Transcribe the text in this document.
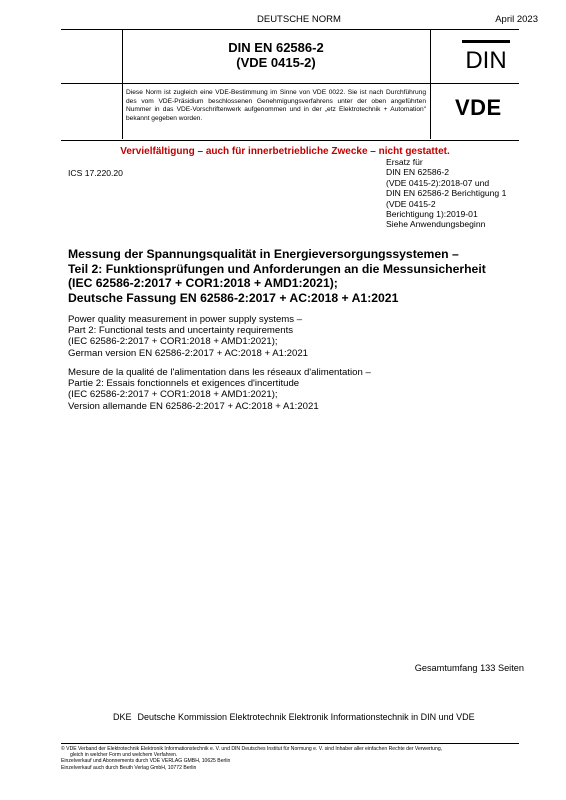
DEUTSCHE NORM	April 2023
DIN EN 62586-2
(VDE 0415-2)	DIN
Diese Norm ist zugleich eine VDE-Bestimmung im Sinne von VDE 0022. Sie ist nach Durchführung des vom VDE-Präsidium beschlossenen Genehmigungsverfahrens unter der oben angeführten Nummer in das VDE-Vorschriftenwerk aufgenommen und in der „etz Elektrotechnik + Automation" bekannt gegeben worden.	VDE
Vervielfältigung – auch für innerbetriebliche Zwecke – nicht gestattet.
ICS 17.220.20
Ersatz für
DIN EN 62586-2
(VDE 0415-2):2018-07 und
DIN EN 62586-2 Berichtigung 1
(VDE 0415-2
Berichtigung 1):2019-01
Siehe Anwendungsbeginn
Messung der Spannungsqualität in Energieversorgungssystemen –
Teil 2: Funktionsprüfungen und Anforderungen an die Messunsicherheit
(IEC 62586-2:2017 + COR1:2018 + AMD1:2021);
Deutsche Fassung EN 62586-2:2017 + AC:2018 + A1:2021
Power quality measurement in power supply systems –
Part 2: Functional tests and uncertainty requirements
(IEC 62586-2:2017 + COR1:2018 + AMD1:2021);
German version EN 62586-2:2017 + AC:2018 + A1:2021
Mesure de la qualité de l'alimentation dans les réseaux d'alimentation –
Partie 2: Essais fonctionnels et exigences d'incertitude
(IEC 62586-2:2017 + COR1:2018 + AMD1:2021);
Version allemande EN 62586-2:2017 + AC:2018 + A1:2021
Gesamtumfang 133 Seiten
DKE Deutsche Kommission Elektrotechnik Elektronik Informationstechnik in DIN und VDE
© VDE Verband der Elektrotechnik Elektronik Informationstechnik e. V. und DIN Deutsches Institut für Normung e. V. sind Inhaber aller einfachen Rechte der Verwertung,
gleich in welcher Form und welchem Verfahren.
Einzelverkauf und Abonnements durch VDE VERLAG GMBH, 10625 Berlin
Einzelverkauf auch durch Beuth Verlag GmbH, 10772 Berlin
